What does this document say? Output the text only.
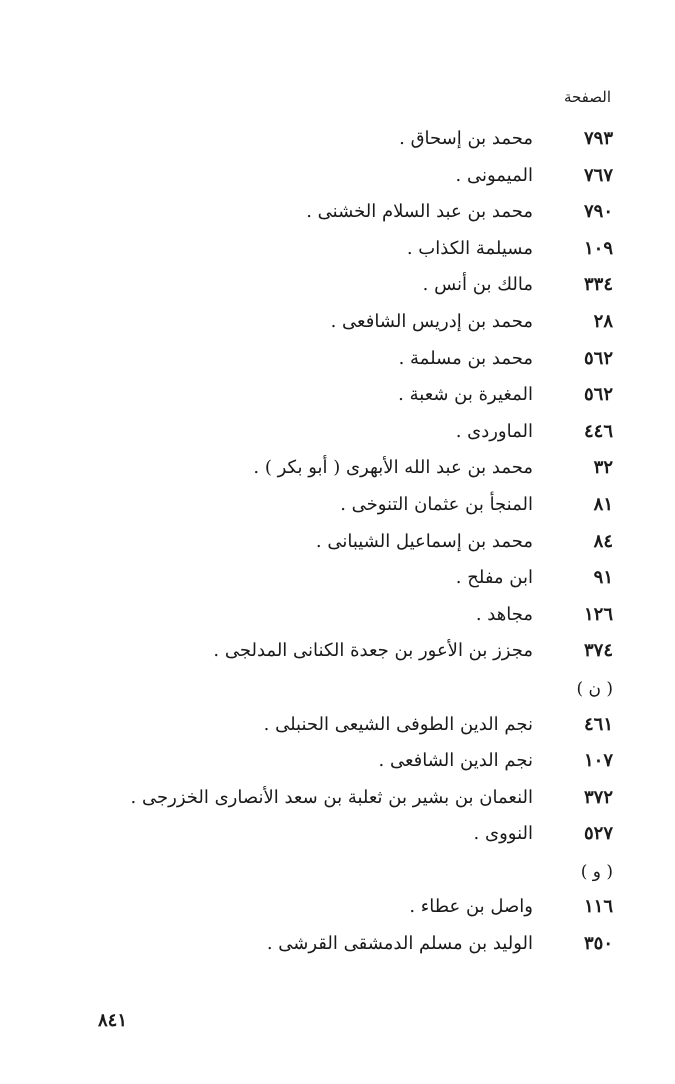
الصفحة
٧٩٣
محمد بن إسحاق .
٧٦٧
الميمونى .
٧٩٠
محمد بن عبد السلام الخشنى .
١٠٩
مسيلمة الكذاب .
٣٣٤
مالك بن أنس .
٢٨
محمد بن إدريس الشافعى .
٥٦٢
محمد بن مسلمة .
٥٦٢
المغيرة بن شعبة .
٤٤٦
الماوردى .
٣٢
محمد بن عبد الله الأبهرى ( أبو بكر ) .
٨١
المنجأ بن عثمان التنوخى .
٨٤
محمد بن إسماعيل الشيبانى .
٩١
ابن مفلح .
١٢٦
مجاهد .
٣٧٤
مجزز بن الأعور بن جعدة الكنانى المدلجى .
( ن )
٤٦١
نجم الدين الطوفى الشيعى الحنبلى .
١٠٧
نجم الدين الشافعى .
٣٧٢
النعمان بن بشير بن ثعلبة بن سعد الأنصارى الخزرجى .
٥٢٧
النووى .
( و )
١١٦
واصل بن عطاء .
٣٥٠
الوليد بن مسلم الدمشقى القرشى .
٨٤١
